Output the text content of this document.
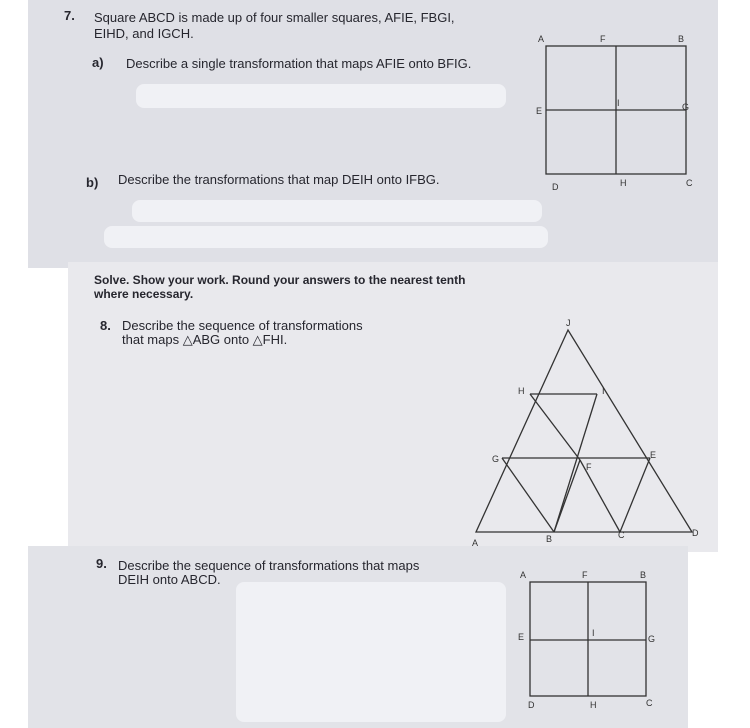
7. Square ABCD is made up of four smaller squares, AFIE, FBGI,
EIHD, and IGCH.
a) Describe a single transformation that maps AFIE onto BFIG.
b) Describe the transformations that map DEIH onto IFBG.
Solve. Show your work. Round your answers to the nearest tenth
where necessary.
8. Describe the sequence of transformations
that maps △ABG onto △FHI.
9. Describe the sequence of transformations that maps
DEIH onto ABCD.
A	F	B
E
I	G
D	H	C
J
H	I
G
F
E
A	B	C	D
A	F	B
E	I
G
D	H	C
